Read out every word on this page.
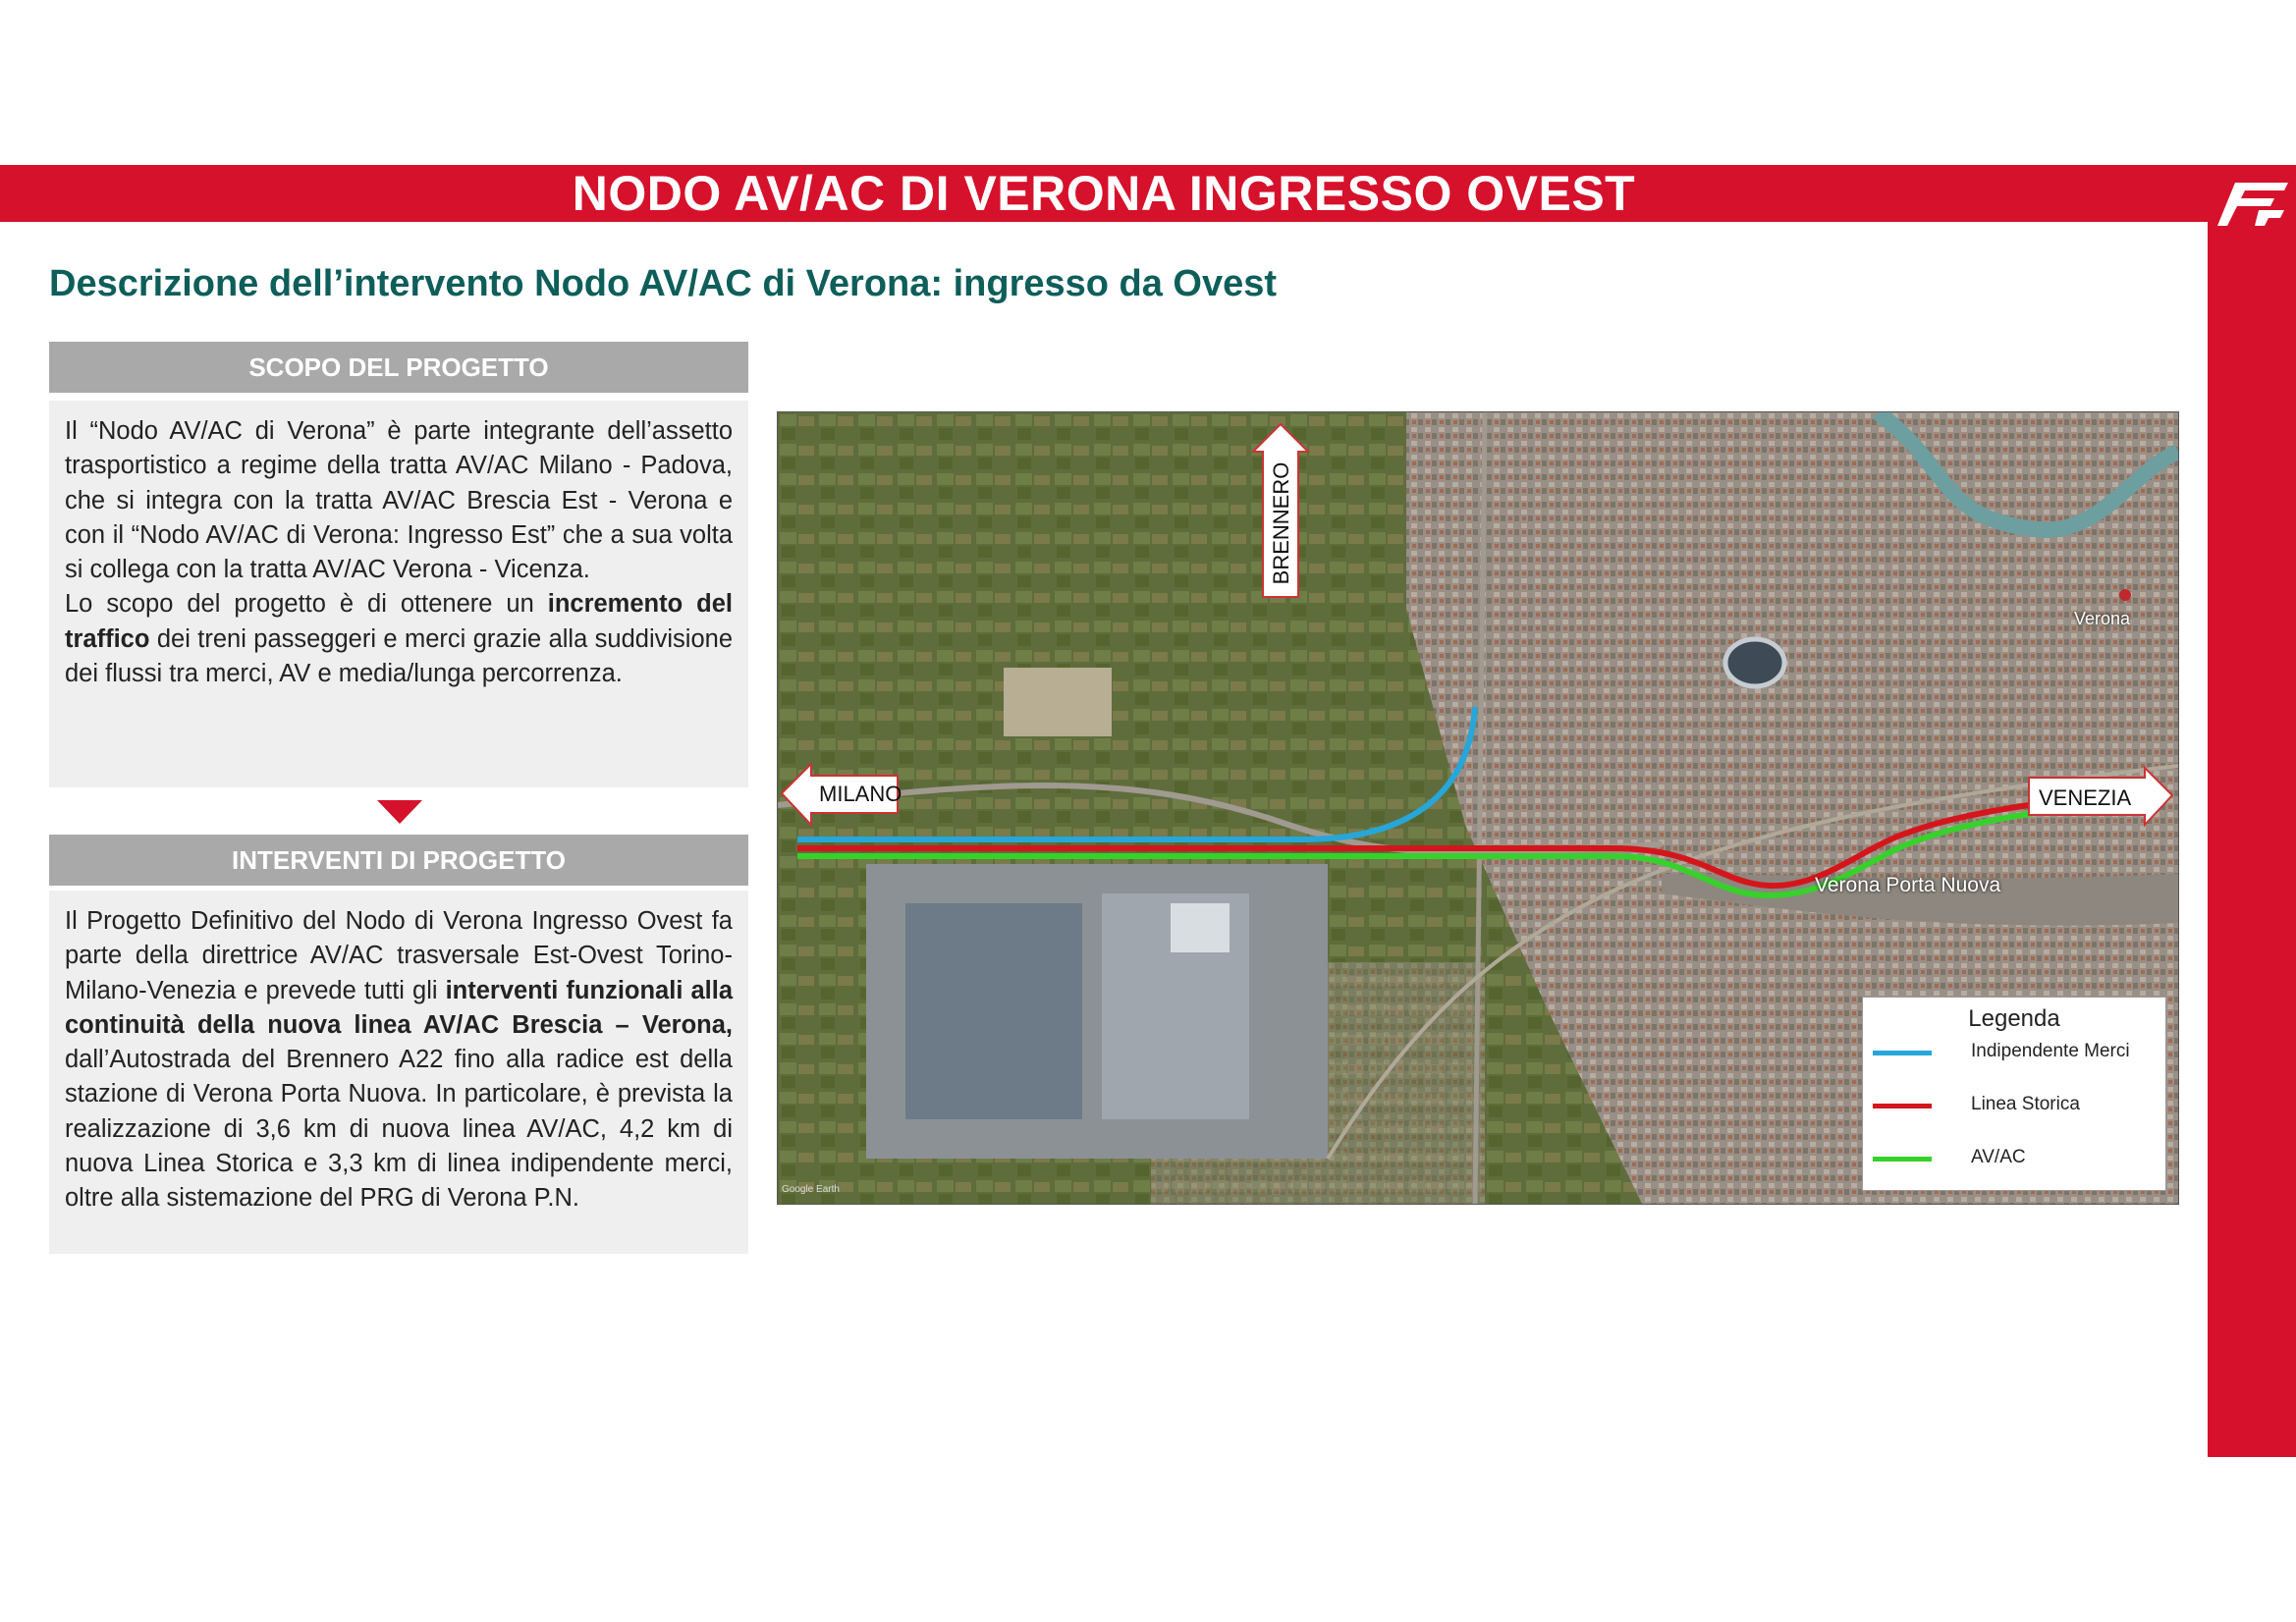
NODO AV/AC DI VERONA INGRESSO OVEST
Descrizione dell’intervento Nodo AV/AC di Verona: ingresso da Ovest
SCOPO DEL PROGETTO

Il “Nodo AV/AC di Verona” è parte integrante dell’assetto trasportistico a regime della tratta AV/AC Milano - Padova, che si integra con la tratta AV/AC Brescia Est - Verona e con il “Nodo AV/AC di Verona: Ingresso Est” che a sua volta si collega con la tratta AV/AC Verona - Vicenza.

Lo scopo del progetto è di ottenere un incremento del traffico dei treni passeggeri e merci grazie alla suddivisione dei flussi tra merci, AV e media/lunga percorrenza.

INTERVENTI DI PROGETTO

Il Progetto Definitivo del Nodo di Verona Ingresso Ovest fa parte della direttrice AV/AC trasversale Est-Ovest Torino-Milano-Venezia e prevede tutti gli interventi funzionali alla continuità della nuova linea AV/AC Brescia – Verona, dall’Autostrada del Brennero A22 fino alla radice est della stazione di Verona Porta Nuova. In particolare, è prevista la realizzazione di 3,6 km di nuova linea AV/AC, 4,2 km di nuova Linea Storica e 3,3 km di linea indipendente merci, oltre alla sistemazione del PRG di Verona P.N.

MILANO	VENEZIA
BRENNERO
Verona Porta Nuova
Verona
Google Earth
Legenda
Indipendente Merci
Linea Storica
AV/AC
